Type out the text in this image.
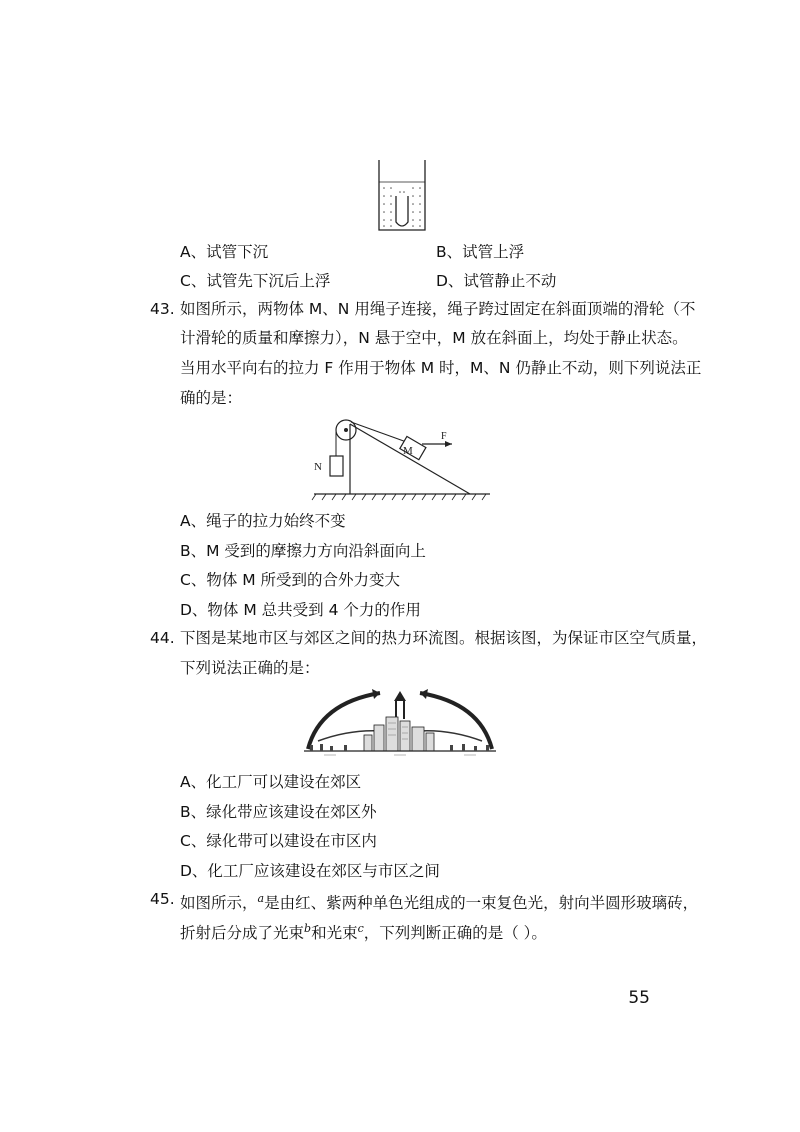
A、试管下沉	B、试管上浮
C、试管先下沉后上浮	D、试管静止不动
43. 如图所示，两物体 M、N 用绳子连接，绳子跨过固定在斜面顶端的滑轮（不
计滑轮的质量和摩擦力），N 悬于空中，M 放在斜面上，均处于静止状态。
当用水平向右的拉力 F 作用于物体 M 时，M、N 仍静止不动，则下列说法正
确的是：
N
M
F
A、绳子的拉力始终不变
B、M 受到的摩擦力方向沿斜面向上
C、物体 M 所受到的合外力变大
D、物体 M 总共受到 4 个力的作用
44. 下图是某地市区与郊区之间的热力环流图。根据该图，为保证市区空气质量，
下列说法正确的是：
A、化工厂可以建设在郊区
B、绿化带应该建设在郊区外
C、绿化带可以建设在市区内
D、化工厂应该建设在郊区与市区之间
45. 如图所示，$^a$是由红、紫两种单色光组成的一束复色光，射向半圆形玻璃砖，
折射后分成了光束$^b$和光束$^c$，下列判断正确的是（ ）。
55
